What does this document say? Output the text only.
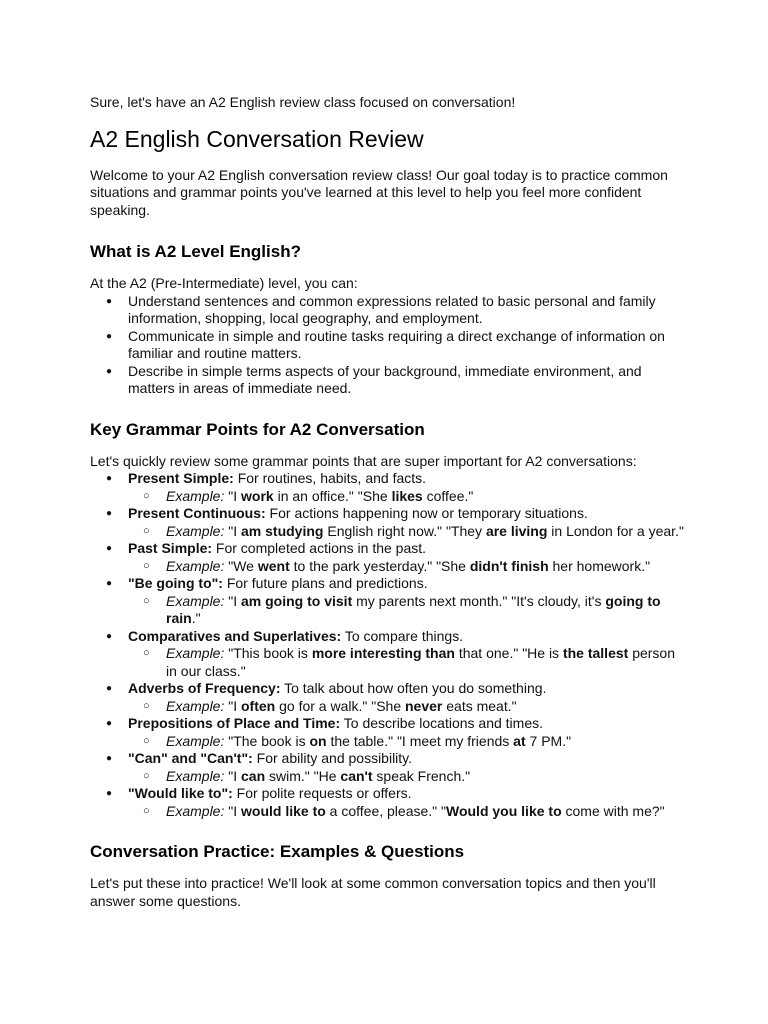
Sure, let's have an A2 English review class focused on conversation!

A2 English Conversation Review

Welcome to your A2 English conversation review class! Our goal today is to practice common situations and grammar points you've learned at this level to help you feel more confident speaking.

What is A2 Level English?

At the A2 (Pre-Intermediate) level, you can:

● Understand sentences and common expressions related to basic personal and family information, shopping, local geography, and employment.
● Communicate in simple and routine tasks requiring a direct exchange of information on familiar and routine matters.
● Describe in simple terms aspects of your background, immediate environment, and matters in areas of immediate need.
Key Grammar Points for A2 Conversation

Let's quickly review some grammar points that are super important for A2 conversations:

● Present Simple: For routines, habits, and facts.
○ Example: "I work in an office." "She likes coffee."
● Present Continuous: For actions happening now or temporary situations.
○ Example: "I am studying English right now." "They are living in London for a year."
● Past Simple: For completed actions in the past.
○ Example: "We went to the park yesterday." "She didn't finish her homework."
● "Be going to": For future plans and predictions.
○ Example: "I am going to visit my parents next month." "It's cloudy, it's going to rain."
● Comparatives and Superlatives: To compare things.
○ Example: "This book is more interesting than that one." "He is the tallest person in our class."
● Adverbs of Frequency: To talk about how often you do something.
○ Example: "I often go for a walk." "She never eats meat."
● Prepositions of Place and Time: To describe locations and times.
○ Example: "The book is on the table." "I meet my friends at 7 PM."
● "Can" and "Can't": For ability and possibility.
○ Example: "I can swim." "He can't speak French."
● "Would like to": For polite requests or offers.
○ Example: "I would like to a coffee, please." "Would you like to come with me?"
Conversation Practice: Examples & Questions

Let's put these into practice! We'll look at some common conversation topics and then you'll answer some questions.
